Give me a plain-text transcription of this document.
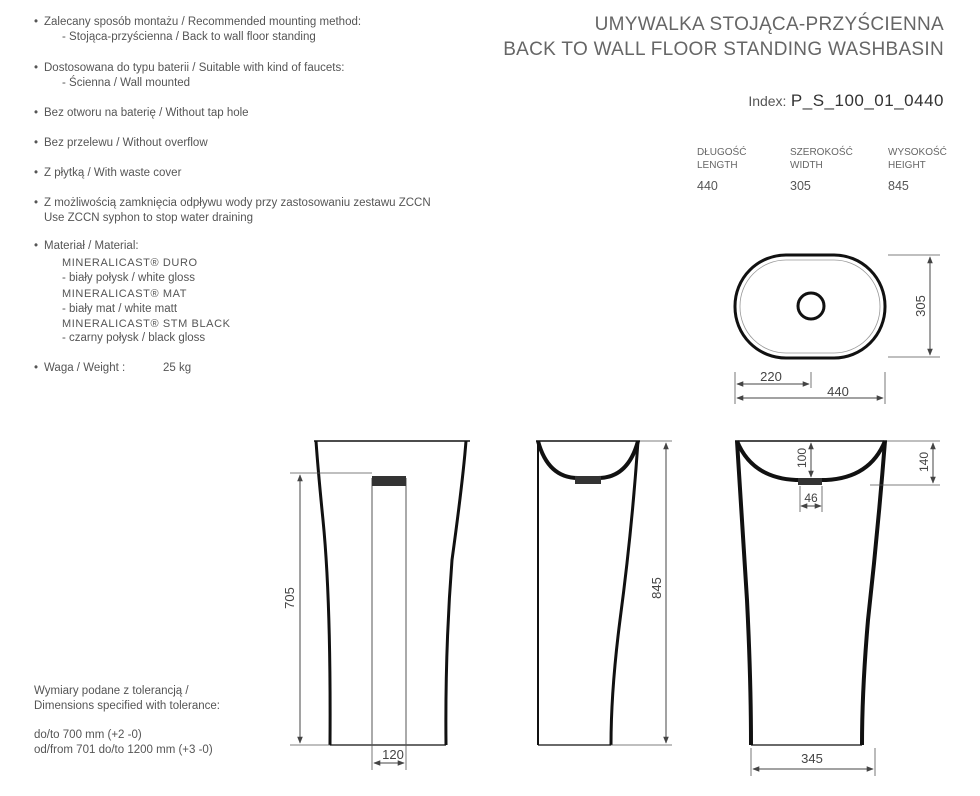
• Zalecany sposób montażu / Recommended mounting method:
- Stojąca-przyścienna / Back to wall floor standing
• Dostosowana do typu baterii / Suitable with kind of faucets:
- Ścienna / Wall mounted
• Bez otworu na baterię / Without tap hole
• Bez przelewu / Without overflow
• Z płytką / With waste cover
• Z możliwością zamknięcia odpływu wody przy zastosowaniu zestawu ZCCN
Use ZCCN syphon to stop water draining
• Materiał / Material:
MINERALICAST® DURO
- biały połysk / white gloss
MINERALICAST® MAT
- biały mat / white matt
MINERALICAST® STM BLACK
- czarny połysk / black gloss
• Waga / Weight :	25 kg
UMYWALKA STOJĄCA-PRZYŚCIENNA
BACK TO WALL FLOOR STANDING WASHBASIN
Index: P_S_100_01_0440
DŁUGOŚĆ
LENGTH
440
SZEROKOŚĆ
WIDTH
305
WYSOKOŚĆ
HEIGHT
845
Wymiary podane z tolerancją /
Dimensions specified with tolerance:
do/to 700 mm (+2 -0)
od/from 701 do/to 1200 mm (+3 -0)
305
220
440
705
120
845
100
46
140
345
